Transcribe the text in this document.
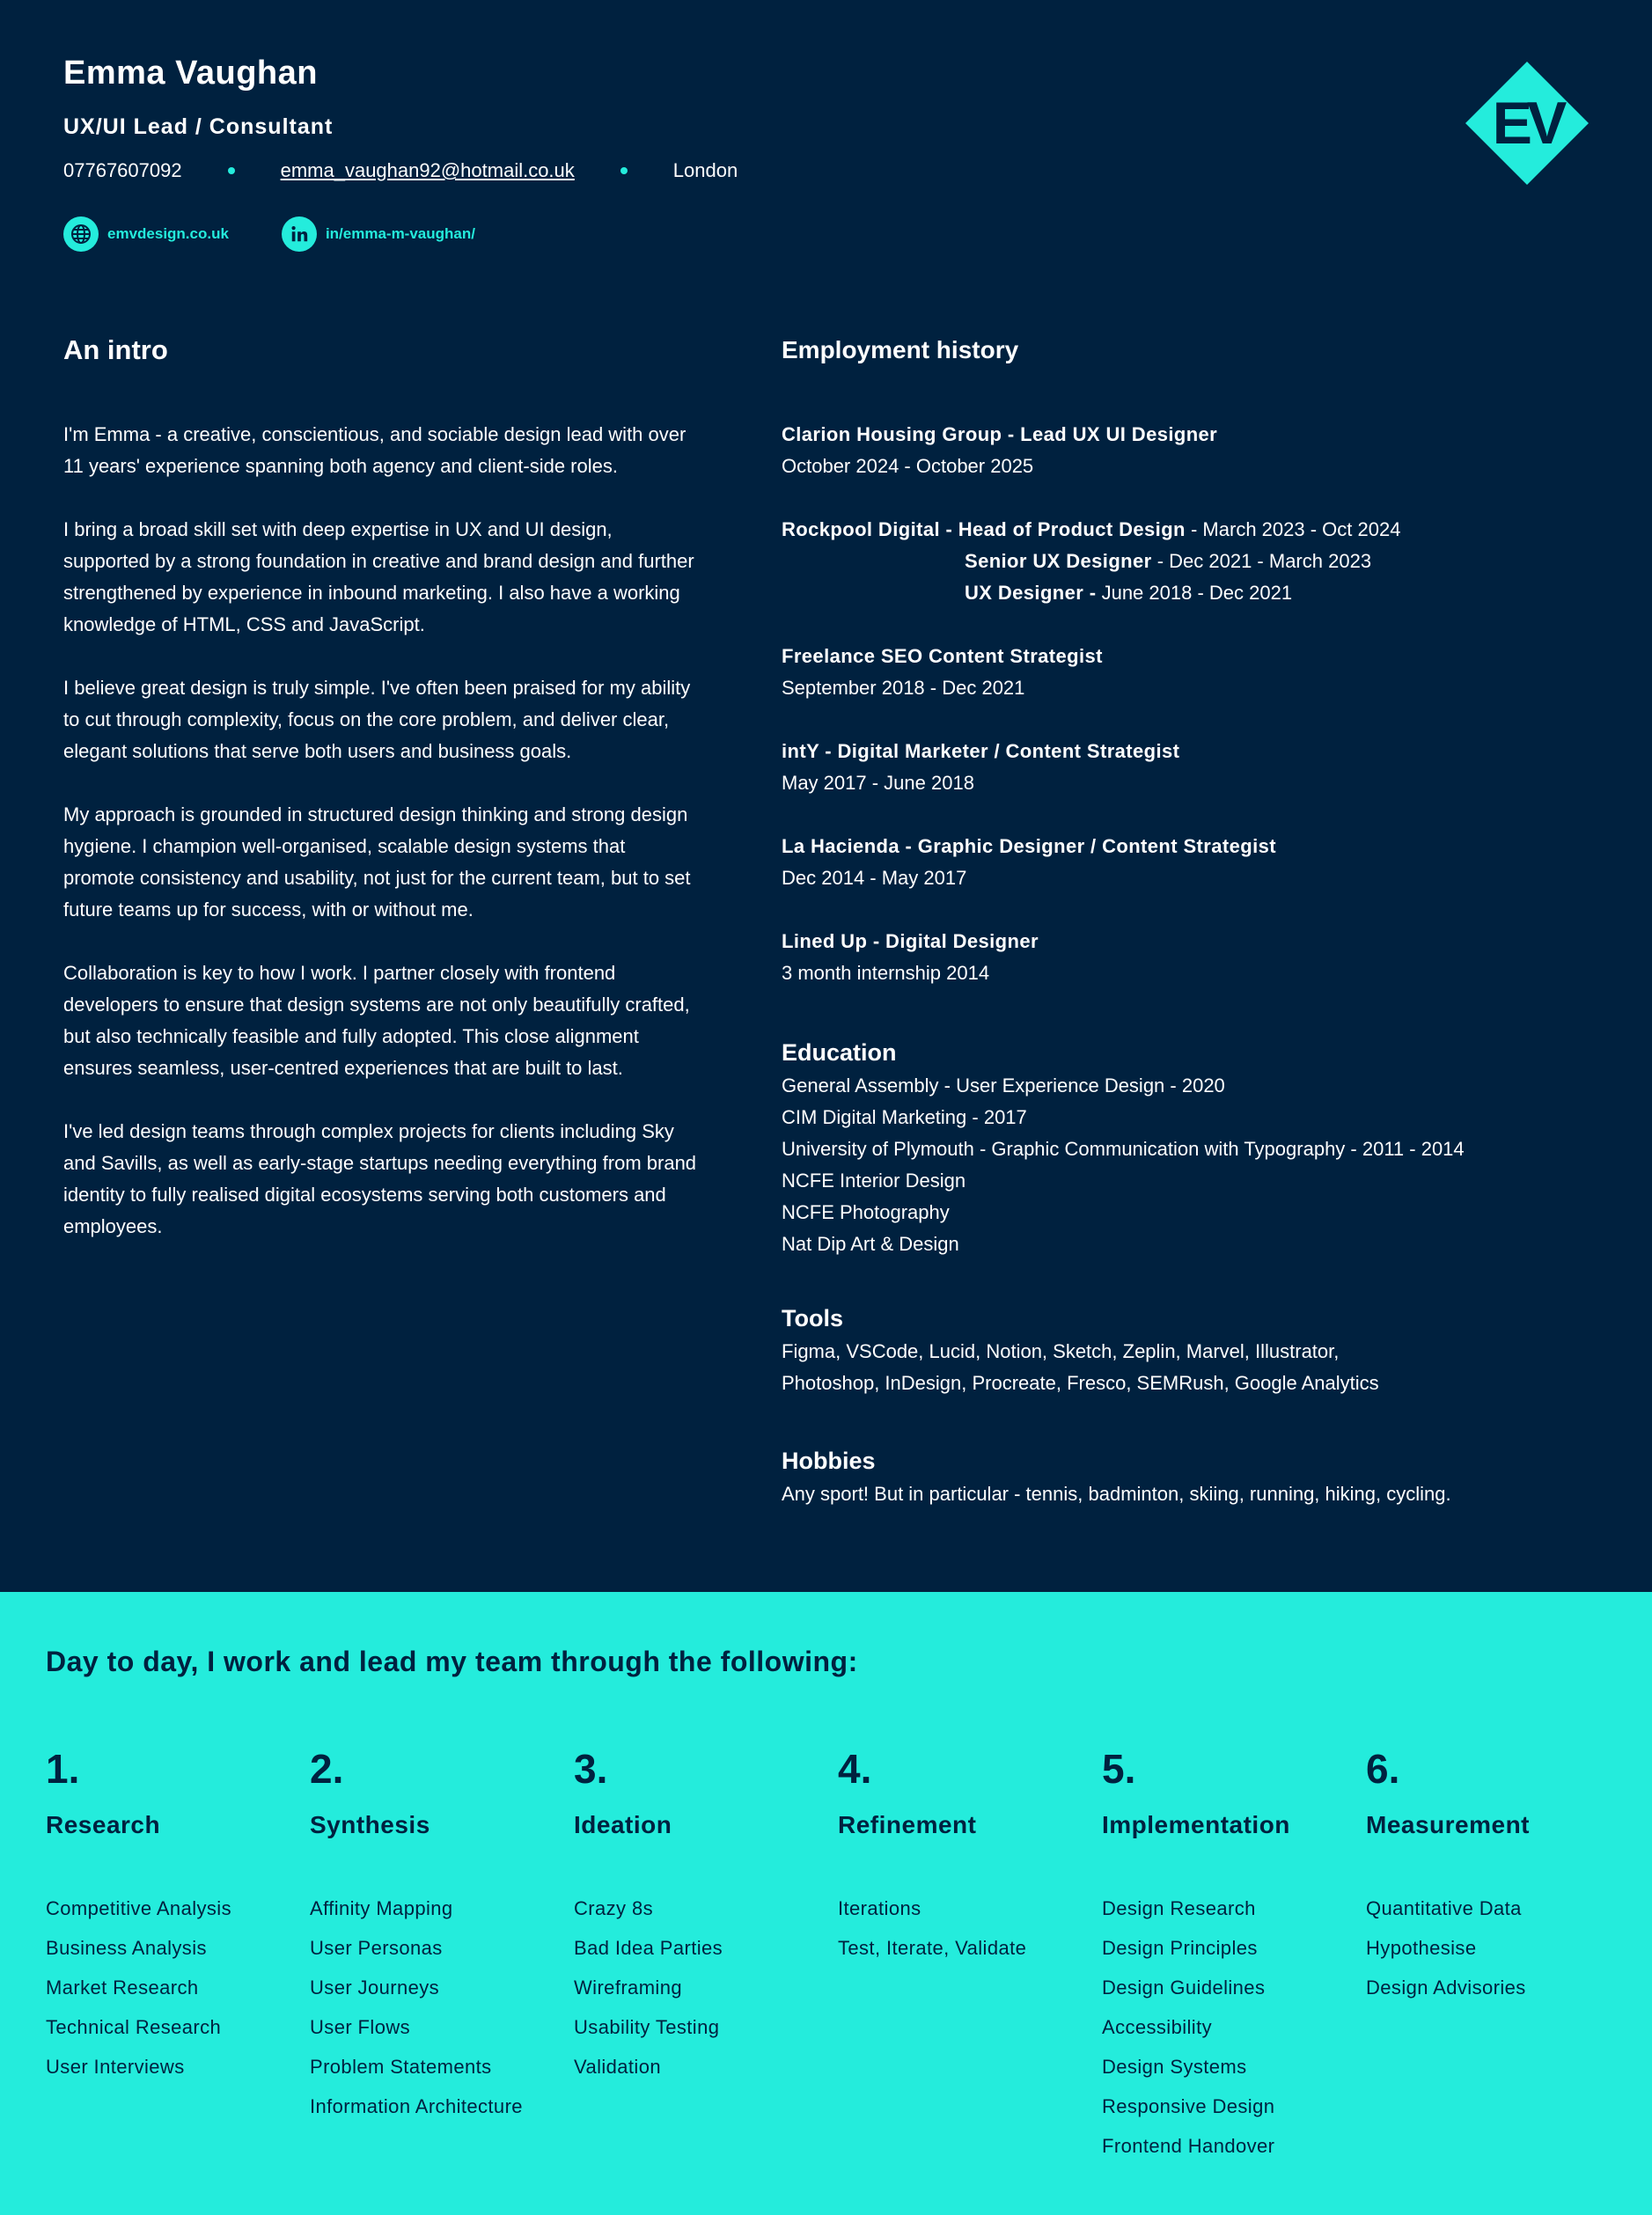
Emma Vaughan
UX/UI Lead / Consultant
07767607092	emma_vaughan92@hotmail.co.uk	London
emvdesign.co.uk	in/emma-m-vaughan/
EV
An intro

I'm Emma - a creative, conscientious, and sociable design lead with over 11 years' experience spanning both agency and client-side roles.

I bring a broad skill set with deep expertise in UX and UI design, supported by a strong foundation in creative and brand design and further strengthened by experience in inbound marketing. I also have a working knowledge of HTML, CSS and JavaScript.

I believe great design is truly simple. I've often been praised for my ability to cut through complexity, focus on the core problem, and deliver clear, elegant solutions that serve both users and business goals.

My approach is grounded in structured design thinking and strong design hygiene. I champion well-organised, scalable design systems that promote consistency and usability, not just for the current team, but to set future teams up for success, with or without me.

Collaboration is key to how I work. I partner closely with frontend developers to ensure that design systems are not only beautifully crafted, but also technically feasible and fully adopted. This close alignment ensures seamless, user-centred experiences that are built to last.

I've led design teams through complex projects for clients including Sky and Savills, as well as early-stage startups needing everything from brand identity to fully realised digital ecosystems serving both customers and employees.

Employment history
Clarion Housing Group - Lead UX UI Designer
October 2024 - October 2025
Rockpool Digital - Head of Product Design - March 2023 - Oct 2024
Senior UX Designer - Dec 2021 - March 2023
UX Designer - June 2018 - Dec 2021
Freelance SEO Content Strategist
September 2018 - Dec 2021
intY - Digital Marketer / Content Strategist
May 2017 - June 2018
La Hacienda - Graphic Designer / Content Strategist
Dec 2014 - May 2017
Lined Up - Digital Designer
3 month internship 2014
Education
General Assembly - User Experience Design - 2020
CIM Digital Marketing - 2017
University of Plymouth - Graphic Communication with Typography - 2011 - 2014
NCFE Interior Design
NCFE Photography
Nat Dip Art & Design
Tools
Figma, VSCode, Lucid, Notion, Sketch, Zeplin, Marvel, Illustrator,
Photoshop, InDesign, Procreate, Fresco, SEMRush, Google Analytics
Hobbies
Any sport! But in particular - tennis, badminton, skiing, running, hiking, cycling.
Day to day, I work and lead my team through the following:
1.
Research
Competitive Analysis
Business Analysis
Market Research
Technical Research
User Interviews
2.
Synthesis
Affinity Mapping
User Personas
User Journeys
User Flows
Problem Statements
Information Architecture
3.
Ideation
Crazy 8s
Bad Idea Parties
Wireframing
Usability Testing
Validation
4.
Refinement
Iterations
Test, Iterate, Validate
5.
Implementation
Design Research
Design Principles
Design Guidelines
Accessibility
Design Systems
Responsive Design
Frontend Handover
6.
Measurement
Quantitative Data
Hypothesise
Design Advisories
